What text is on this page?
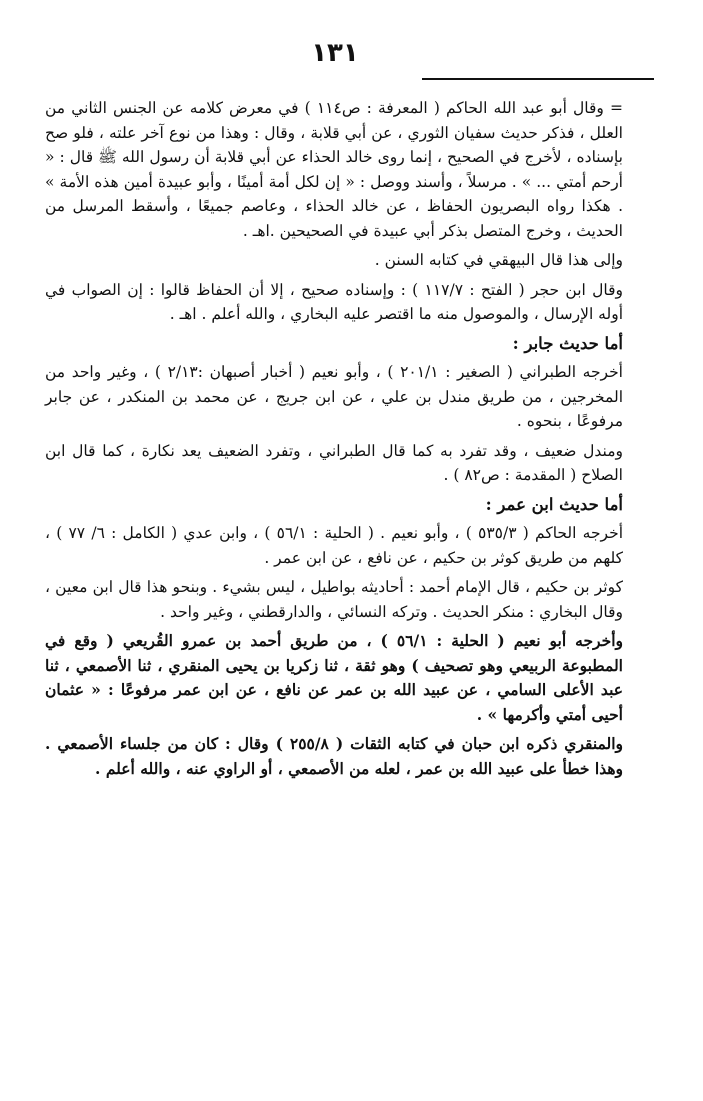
١٣١

= وقال أبو عبد الله الحاكم ( المعرفة : ص١١٤ ) في معرض كلامه عن الجنس الثاني من العلل ، فذكر حديث سفيان الثوري ، عن أبي قلابة ، وقال : وهذا من نوع آخر علته ، فلو صح بإسناده ، لأخرج في الصحيح ، إنما روى خالد الحذاء عن أبي قلابة أن رسول الله ﷺ قال : « أرحم أمتي ... » . مرسلاً ، وأسند ووصل : « إن لكل أمة أمينًا ، وأبو عبيدة أمين هذه الأمة » . هكذا رواه البصريون الحفاظ ، عن خالد الحذاء ، وعاصم جميعًا ، وأسقط المرسل من الحديث ، وخرج المتصل بذكر أبي عبيدة في الصحيحين .اهـ .

وإلى هذا قال البيهقي في كتابه السنن .

وقال ابن حجر ( الفتح : ١١٧/٧ ) : وإسناده صحيح ، إلا أن الحفاظ قالوا : إن الصواب في أوله الإرسال ، والموصول منه ما اقتصر عليه البخاري ، والله أعلم . اهـ .

أما حديث جابر :

أخرجه الطبراني ( الصغير : ٢٠١/١ ) ، وأبو نعيم ( أخبار أصبهان :٢/١٣ ) ، وغير واحد من المخرجين ، من طريق مندل بن علي ، عن ابن جريج ، عن محمد بن المنكدر ، عن جابر مرفوعًا ، بنحوه .

ومندل ضعيف ، وقد تفرد به كما قال الطبراني ، وتفرد الضعيف يعد نكارة ، كما قال ابن الصلاح ( المقدمة : ص٨٢ ) .

أما حديث ابن عمر :

أخرجه الحاكم ( ٥٣٥/٣ ) ، وأبو نعيم . ( الحلية : ٥٦/١ ) ، وابن عدي ( الكامل : ٦/ ٧٧ ) ، كلهم من طريق كوثر بن حكيم ، عن نافع ، عن ابن عمر .

كوثر بن حكيم ، قال الإمام أحمد : أحاديثه بواطيل ، ليس بشيء . وبنحو هذا قال ابن معين ، وقال البخاري : منكر الحديث . وتركه النسائي ، والدارقطني ، وغير واحد .

وأخرجه أبو نعيم ( الحلية : ٥٦/١ ) ، من طريق أحمد بن عمرو القُريعي ( وقع في المطبوعة الربيعي وهو تصحيف ) وهو ثقة ، ثنا زكريا بن يحيى المنقري ، ثنا الأصمعي ، ثنا عبد الأعلى السامي ، عن عبيد الله بن عمر عن نافع ، عن ابن عمر مرفوعًا : « عثمان أحيى أمتي وأكرمها » .

والمنقري ذكره ابن حبان في كتابه الثقات ( ٢٥٥/٨ ) وقال : كان من جلساء الأصمعي . وهذا خطأ على عبيد الله بن عمر ، لعله من الأصمعي ، أو الراوي عنه ، والله أعلم .
